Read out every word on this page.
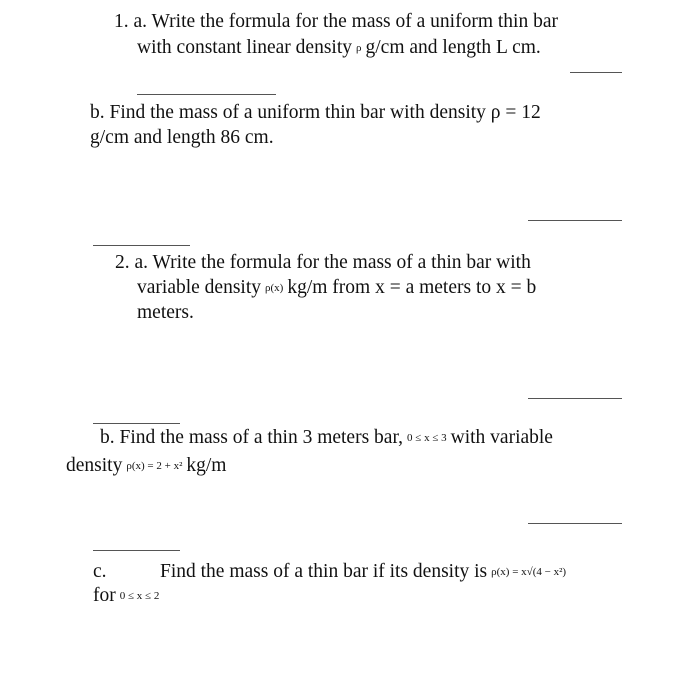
1. a. Write the formula for the mass of a uniform thin bar
with constant linear density ρ g/cm and length L cm.
b. Find the mass of a uniform thin bar with density ρ = 12
g/cm and length 86 cm.
2. a. Write the formula for the mass of a thin bar with
variable density ρ(x) kg/m from x = a meters to x = b
meters.
b. Find the mass of a thin 3 meters bar, 0 ≤ x ≤ 3 with variable
density ρ(x) = 2 + x² kg/m
c.	Find the mass of a thin bar if its density is ρ(x) = x√(4 − x²)
for 0 ≤ x ≤ 2
